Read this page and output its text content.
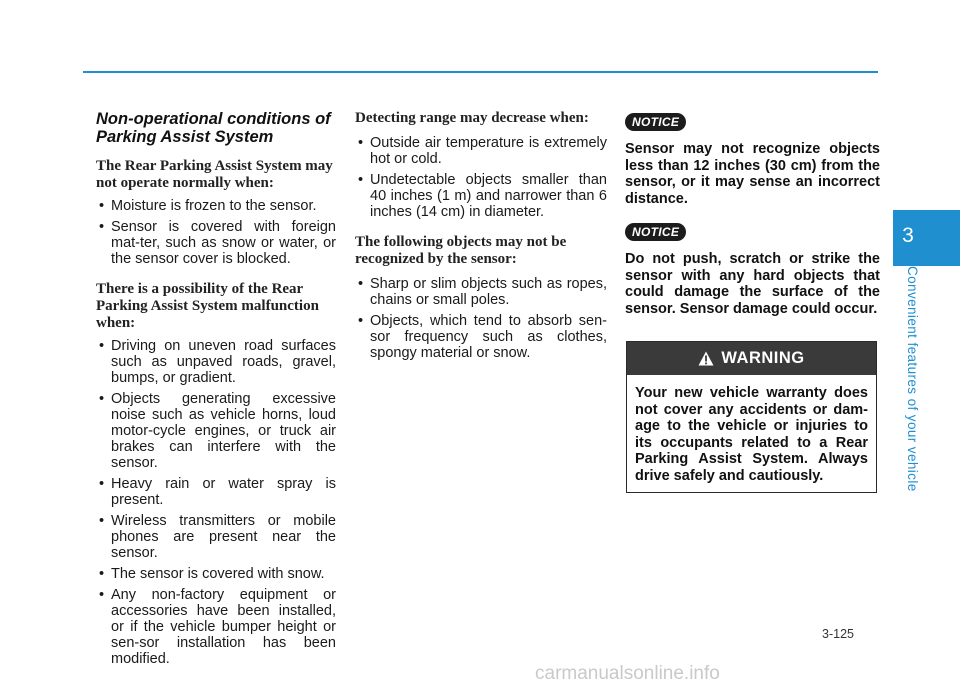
Non-operational conditions of Parking Assist System
The Rear Parking Assist System may not operate normally when:
• Moisture is frozen to the sensor.
• Sensor is covered with foreign mat-ter, such as snow or water, or the sensor cover is blocked.
There is a possibility of the Rear Parking Assist System malfunction when:
• Driving on uneven road surfaces such as unpaved roads, gravel, bumps, or gradient.
• Objects generating excessive noise such as vehicle horns, loud motor-cycle engines, or truck air brakes can interfere with the sensor.
• Heavy rain or water spray is present.
• Wireless transmitters or mobile phones are present near the sensor.
• The sensor is covered with snow.
• Any non-factory equipment or accessories have been installed, or if the vehicle bumper height or sen-sor installation has been modified.
Detecting range may decrease when:
• Outside air temperature is extremely hot or cold.
• Undetectable objects smaller than 40 inches (1 m) and narrower than 6 inches (14 cm) in diameter.
The following objects may not be recognized by the sensor:
• Sharp or slim objects such as ropes, chains or small poles.
• Objects, which tend to absorb sen-sor frequency such as clothes, spongy material or snow.
NOTICE

Sensor may not recognize objects less than 12 inches (30 cm) from the sensor, or it may sense an incorrect distance.

NOTICE

Do not push, scratch or strike the sensor with any hard objects that could damage the surface of the sensor. Sensor damage could occur.

WARNING
Your new vehicle warranty does not cover any accidents or dam-age to the vehicle or injuries to its occupants related to a Rear Parking Assist System. Always drive safely and cautiously.
3
Convenient features of your vehicle
3-125
carmanualsonline.info
